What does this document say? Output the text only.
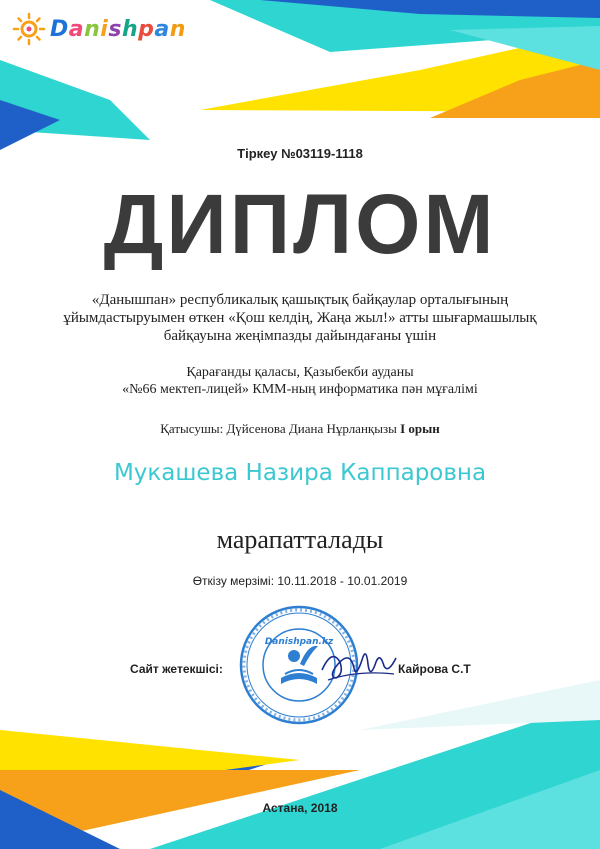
Danishpan
Тіркеу №03119-1118
ДИПЛОМ
«Данышпан» республикалық қашықтық байқаулар орталығының
ұйымдастыруымен өткен «Қош келдің, Жаңа жыл!» атты шығармашылық
байқауына жеңімпазды дайындағаны үшін
Қарағанды қаласы, Қазыбекби ауданы
«№66 мектеп-лицей» КММ-ның информатика пән мұғалімі
Қатысушы: Дүйсенова Диана Нұрланқызы І орын
Мукашева Назира Каппаровна
марапатталады
Өткізу мерзімі: 10.11.2018 - 10.01.2019
Сайт жетекшісі:
Danishpan.kz
Кайрова С.Т
Астана, 2018
